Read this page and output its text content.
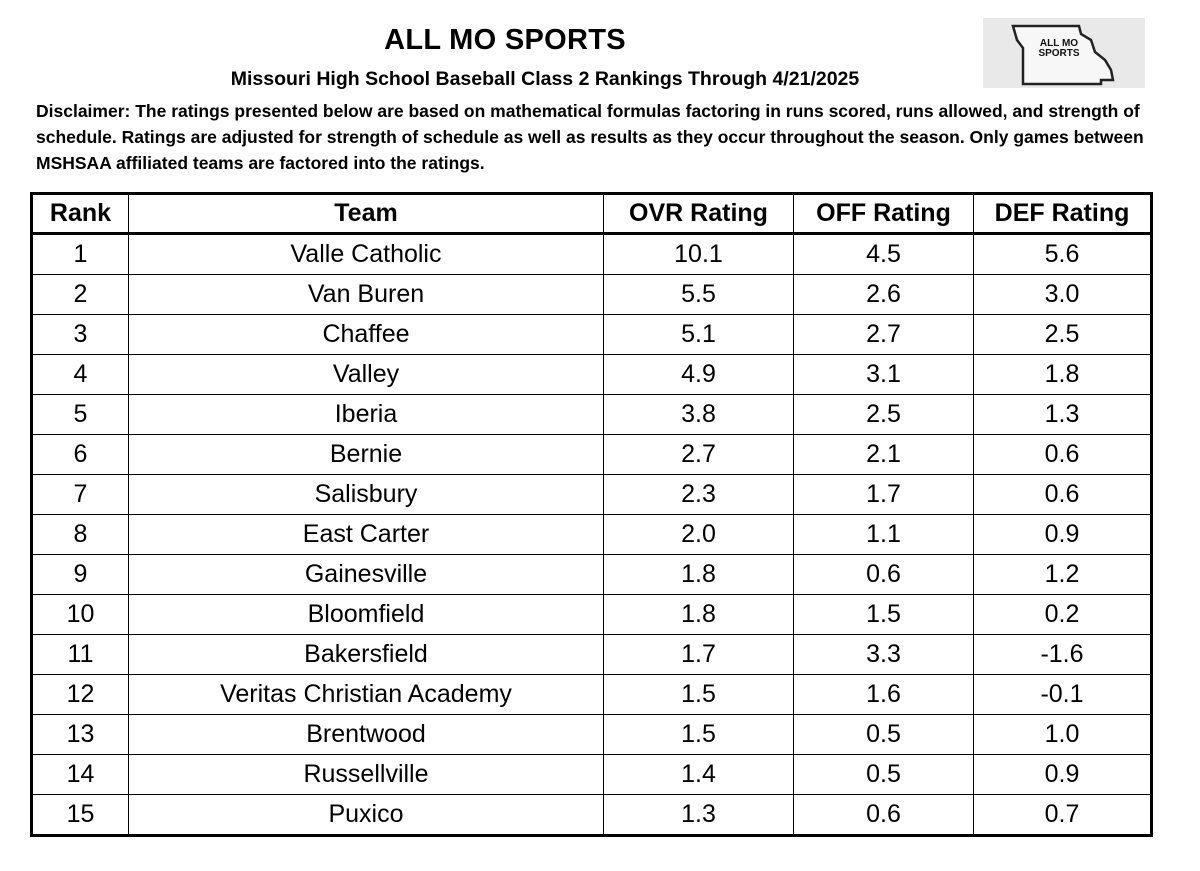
ALL MO SPORTS	ALL MO
SPORTS
Missouri High School Baseball Class 2 Rankings Through 4/21/2025
Disclaimer: The ratings presented below are based on mathematical formulas factoring in runs scored, runs allowed, and strength of schedule. Ratings are adjusted for strength of schedule as well as results as they occur throughout the season. Only games between MSHSAA affiliated teams are factored into the ratings.
Rank	Team	OVR Rating	OFF Rating	DEF Rating
1	Valle Catholic	10.1	4.5	5.6
2	Van Buren	5.5	2.6	3.0
3	Chaffee	5.1	2.7	2.5
4	Valley	4.9	3.1	1.8
5	Iberia	3.8	2.5	1.3
6	Bernie	2.7	2.1	0.6
7	Salisbury	2.3	1.7	0.6
8	East Carter	2.0	1.1	0.9
9	Gainesville	1.8	0.6	1.2
10	Bloomfield	1.8	1.5	0.2
11	Bakersfield	1.7	3.3	-1.6
12	Veritas Christian Academy	1.5	1.6	-0.1
13	Brentwood	1.5	0.5	1.0
14	Russellville	1.4	0.5	0.9
15	Puxico	1.3	0.6	0.7
